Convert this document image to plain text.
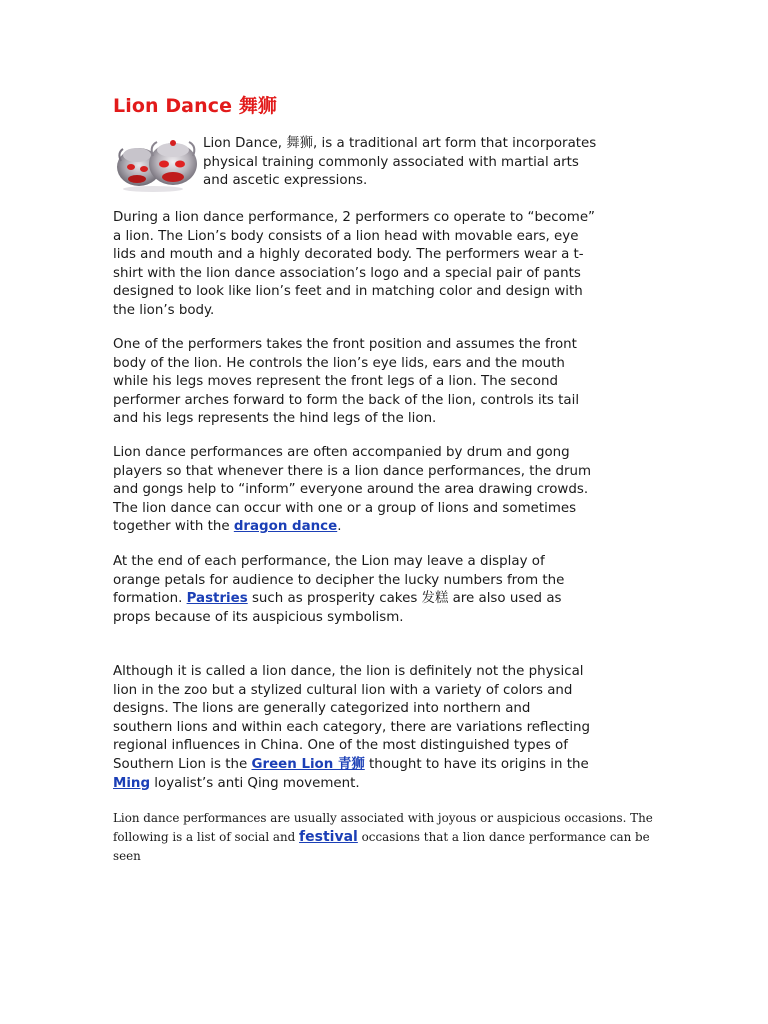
Lion Dance 舞狮

Lion Dance, 舞狮, is a traditional art form that incorporates
physical training commonly associated with martial arts
and ascetic expressions.

During a lion dance performance, 2 performers co operate to “become”
a lion. The Lion’s body consists of a lion head with movable ears, eye
lids and mouth and a highly decorated body. The performers wear a t-
shirt with the lion dance association’s logo and a special pair of pants
designed to look like lion’s feet and in matching color and design with
the lion’s body.

One of the performers takes the front position and assumes the front
body of the lion. He controls the lion’s eye lids, ears and the mouth
while his legs moves represent the front legs of a lion. The second
performer arches forward to form the back of the lion, controls its tail
and his legs represents the hind legs of the lion.

Lion dance performances are often accompanied by drum and gong
players so that whenever there is a lion dance performances, the drum
and gongs help to “inform” everyone around the area drawing crowds.
The lion dance can occur with one or a group of lions and sometimes
together with the dragon dance.

At the end of each performance, the Lion may leave a display of
orange petals for audience to decipher the lucky numbers from the
formation. Pastries such as prosperity cakes 发糕 are also used as
props because of its auspicious symbolism.

Although it is called a lion dance, the lion is definitely not the physical
lion in the zoo but a stylized cultural lion with a variety of colors and
designs. The lions are generally categorized into northern and
southern lions and within each category, there are variations reflecting
regional influences in China. One of the most distinguished types of
Southern Lion is the Green Lion 青狮 thought to have its origins in the
Ming loyalist’s anti Qing movement.

Lion dance performances are usually associated with joyous or auspicious occasions. The
following is a list of social and festival occasions that a lion dance performance can be
seen
